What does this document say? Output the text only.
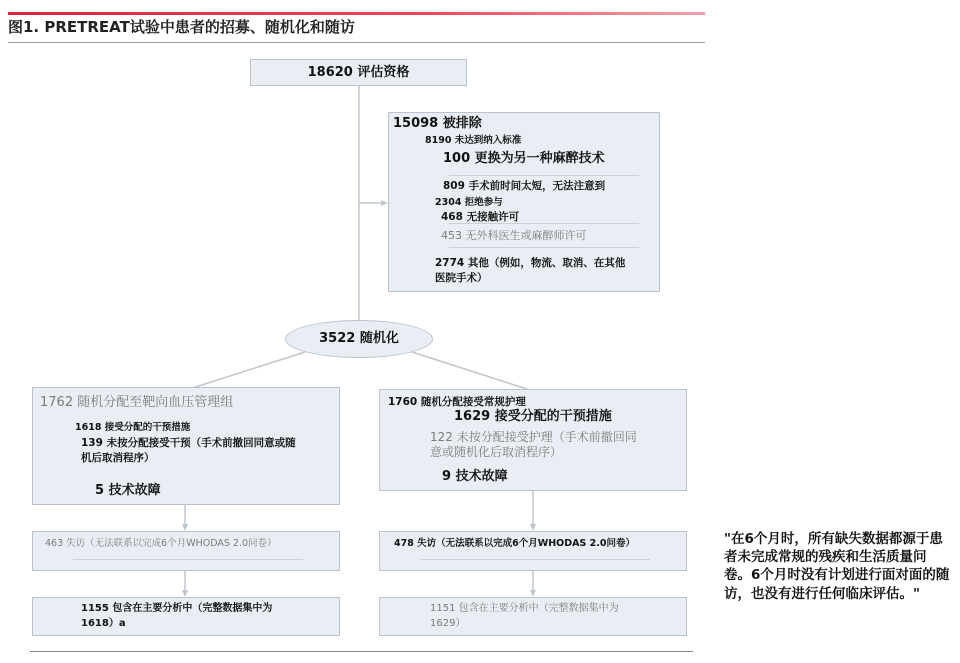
图1. PRETREAT试验中患者的招募、随机化和随访
18620 评估资格
15098 被排除
8190 未达到纳入标准
100 更换为另一种麻醉技术
809 手术前时间太短，无法注意到
2304 拒绝参与
468 无接触许可
453 无外科医生或麻醉师许可
2774 其他（例如，物流、取消、在其他
医院手术）
3522 随机化
1762 随机分配至靶向血压管理组
1618 接受分配的干预措施
139 未按分配接受干预（手术前撤回同意或随
机后取消程序）
5 技术故障
1760 随机分配接受常规护理
1629 接受分配的干预措施
122 未按分配接受护理（手术前撤回同
意或随机化后取消程序）
9 技术故障
463 失访（无法联系以完成6个月WHODAS 2.0问卷）	478 失访（无法联系以完成6个月WHODAS 2.0问卷）
1155 包含在主要分析中（完整数据集中为
1618）a
1151 包含在主要分析中（完整数据集中为
1629）
"在6个月时，所有缺失数据都源于患者未完成常规的残疾和生活质量问卷。6个月时没有计划进行面对面的随访，也没有进行任何临床评估。"
